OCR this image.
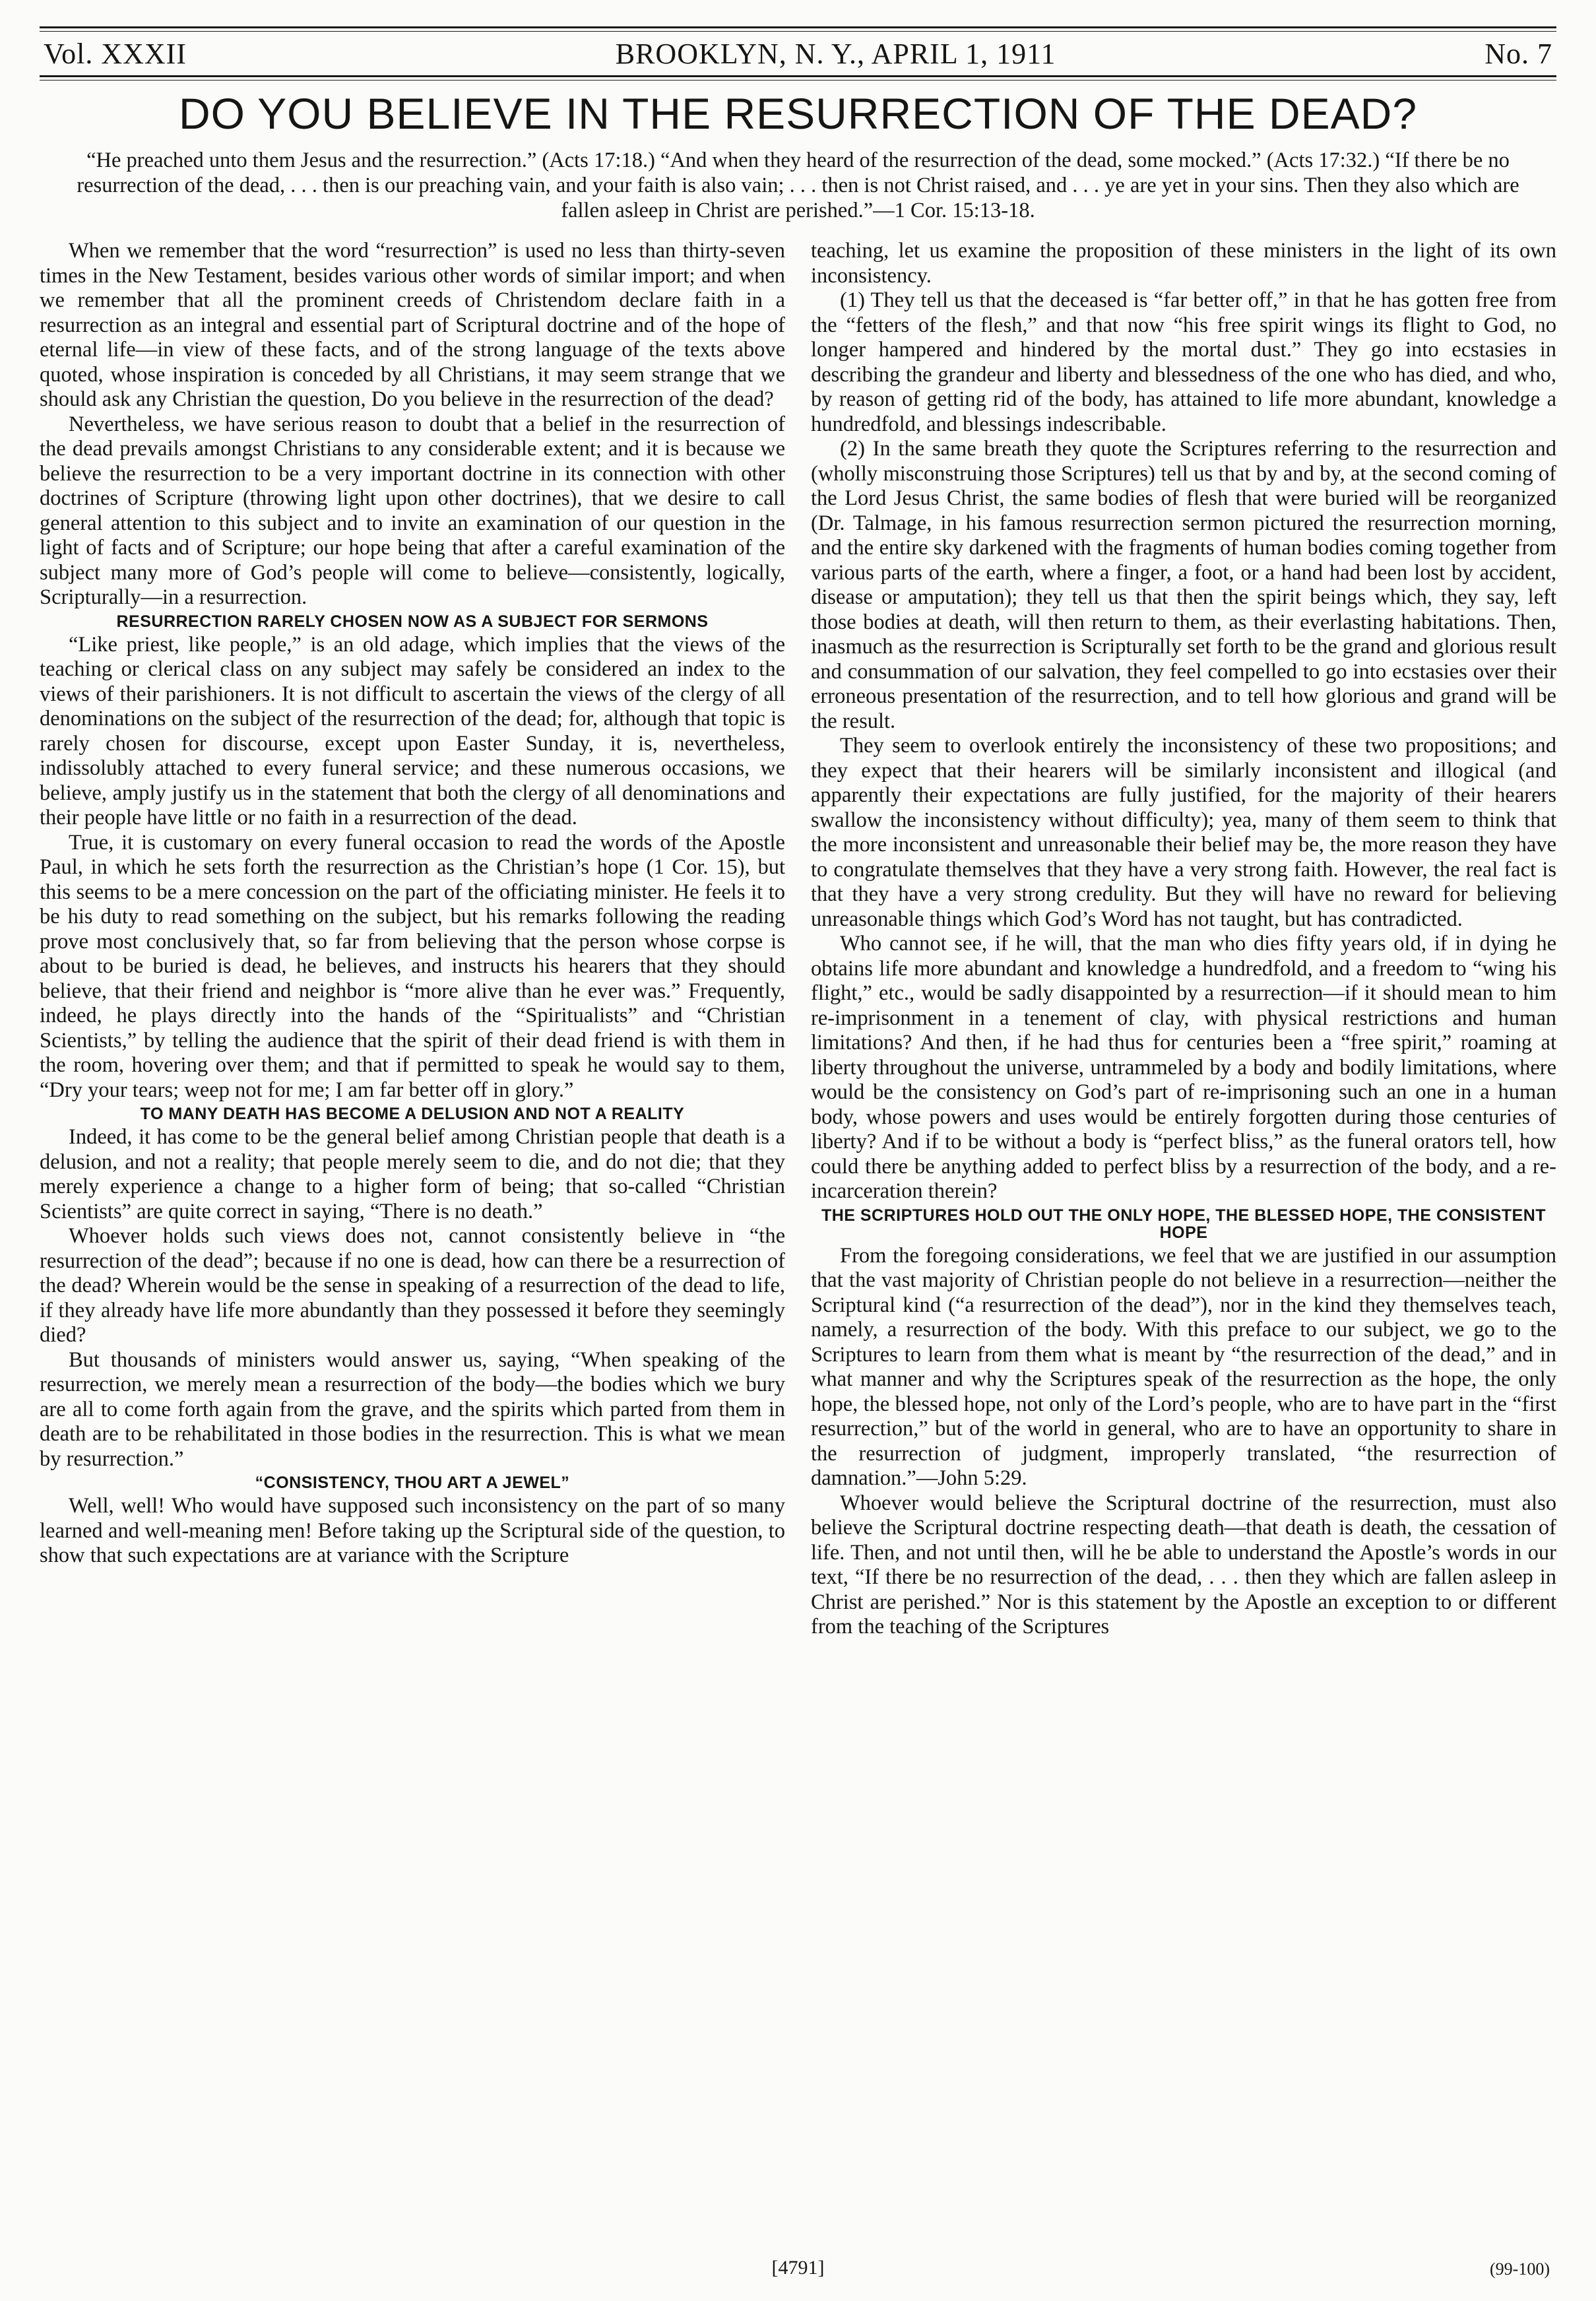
Vol. XXXII	BROOKLYN, N. Y., APRIL 1, 1911	No. 7
DO YOU BELIEVE IN THE RESURRECTION OF THE DEAD?
“He preached unto them Jesus and the resurrection.” (Acts 17:18.) “And when they heard of the resurrection of the dead, some mocked.” (Acts 17:32.) “If there be no resurrection of the dead, . . . then is our preaching vain, and your faith is also vain; . . . then is not Christ raised, and . . . ye are yet in your sins. Then they also which are fallen asleep in Christ are perished.”—1 Cor. 15:13-18.

When we remember that the word “resurrection” is used no less than thirty-seven times in the New Testament, besides various other words of similar import; and when we remember that all the prominent creeds of Christendom declare faith in a resurrection as an integral and essential part of Scriptural doctrine and of the hope of eternal life—in view of these facts, and of the strong language of the texts above quoted, whose inspiration is conceded by all Christians, it may seem strange that we should ask any Christian the question, Do you believe in the resurrection of the dead?

Nevertheless, we have serious reason to doubt that a belief in the resurrection of the dead prevails amongst Christians to any considerable extent; and it is because we believe the resurrection to be a very important doctrine in its connection with other doctrines of Scripture (throwing light upon other doctrines), that we desire to call general attention to this subject and to invite an examination of our question in the light of facts and of Scripture; our hope being that after a careful examination of the subject many more of God’s people will come to believe—consistently, logically, Scripturally—in a resurrection.

RESURRECTION RARELY CHOSEN NOW AS A SUBJECT FOR SERMONS

“Like priest, like people,” is an old adage, which implies that the views of the teaching or clerical class on any subject may safely be considered an index to the views of their parishioners. It is not difficult to ascertain the views of the clergy of all denominations on the subject of the resurrection of the dead; for, although that topic is rarely chosen for discourse, except upon Easter Sunday, it is, nevertheless, indissolubly attached to every funeral service; and these numerous occasions, we believe, amply justify us in the statement that both the clergy of all denominations and their people have little or no faith in a resurrection of the dead.

True, it is customary on every funeral occasion to read the words of the Apostle Paul, in which he sets forth the resurrection as the Christian’s hope (1 Cor. 15), but this seems to be a mere concession on the part of the officiating minister. He feels it to be his duty to read something on the subject, but his remarks following the reading prove most conclusively that, so far from believing that the person whose corpse is about to be buried is dead, he believes, and instructs his hearers that they should believe, that their friend and neighbor is “more alive than he ever was.” Frequently, indeed, he plays directly into the hands of the “Spiritualists” and “Christian Scientists,” by telling the audience that the spirit of their dead friend is with them in the room, hovering over them; and that if permitted to speak he would say to them, “Dry your tears; weep not for me; I am far better off in glory.”

TO MANY DEATH HAS BECOME A DELUSION AND NOT A REALITY

Indeed, it has come to be the general belief among Christian people that death is a delusion, and not a reality; that people merely seem to die, and do not die; that they merely experience a change to a higher form of being; that so-called “Christian Scientists” are quite correct in saying, “There is no death.”

Whoever holds such views does not, cannot consistently believe in “the resurrection of the dead”; because if no one is dead, how can there be a resurrection of the dead? Wherein would be the sense in speaking of a resurrection of the dead to life, if they already have life more abundantly than they possessed it before they seemingly died?

But thousands of ministers would answer us, saying, “When speaking of the resurrection, we merely mean a resurrection of the body—the bodies which we bury are all to come forth again from the grave, and the spirits which parted from them in death are to be rehabilitated in those bodies in the resurrection. This is what we mean by resurrection.”

“CONSISTENCY, THOU ART A JEWEL”

Well, well! Who would have supposed such inconsistency on the part of so many learned and well-meaning men! Before taking up the Scriptural side of the question, to show that such expectations are at variance with the Scripture

teaching, let us examine the proposition of these ministers in the light of its own inconsistency.

(1) They tell us that the deceased is “far better off,” in that he has gotten free from the “fetters of the flesh,” and that now “his free spirit wings its flight to God, no longer hampered and hindered by the mortal dust.” They go into ecstasies in describing the grandeur and liberty and blessedness of the one who has died, and who, by reason of getting rid of the body, has attained to life more abundant, knowledge a hundredfold, and blessings indescribable.

(2) In the same breath they quote the Scriptures referring to the resurrection and (wholly misconstruing those Scriptures) tell us that by and by, at the second coming of the Lord Jesus Christ, the same bodies of flesh that were buried will be reorganized (Dr. Talmage, in his famous resurrection sermon pictured the resurrection morning, and the entire sky darkened with the fragments of human bodies coming together from various parts of the earth, where a finger, a foot, or a hand had been lost by accident, disease or amputation); they tell us that then the spirit beings which, they say, left those bodies at death, will then return to them, as their everlasting habitations. Then, inasmuch as the resurrection is Scripturally set forth to be the grand and glorious result and consummation of our salvation, they feel compelled to go into ecstasies over their erroneous presentation of the resurrection, and to tell how glorious and grand will be the result.

They seem to overlook entirely the inconsistency of these two propositions; and they expect that their hearers will be similarly inconsistent and illogical (and apparently their expectations are fully justified, for the majority of their hearers swallow the inconsistency without difficulty); yea, many of them seem to think that the more inconsistent and unreasonable their belief may be, the more reason they have to congratulate themselves that they have a very strong faith. However, the real fact is that they have a very strong credulity. But they will have no reward for believing unreasonable things which God’s Word has not taught, but has contradicted.

Who cannot see, if he will, that the man who dies fifty years old, if in dying he obtains life more abundant and knowledge a hundredfold, and a freedom to “wing his flight,” etc., would be sadly disappointed by a resurrection—if it should mean to him re-imprisonment in a tenement of clay, with physical restrictions and human limitations? And then, if he had thus for centuries been a “free spirit,” roaming at liberty throughout the universe, untrammeled by a body and bodily limitations, where would be the consistency on God’s part of re-imprisoning such an one in a human body, whose powers and uses would be entirely forgotten during those centuries of liberty? And if to be without a body is “perfect bliss,” as the funeral orators tell, how could there be anything added to perfect bliss by a resurrection of the body, and a re-incarceration therein?

THE SCRIPTURES HOLD OUT THE ONLY HOPE, THE BLESSED HOPE, THE CONSISTENT HOPE

From the foregoing considerations, we feel that we are justified in our assumption that the vast majority of Christian people do not believe in a resurrection—neither the Scriptural kind (“a resurrection of the dead”), nor in the kind they themselves teach, namely, a resurrection of the body. With this preface to our subject, we go to the Scriptures to learn from them what is meant by “the resurrection of the dead,” and in what manner and why the Scriptures speak of the resurrection as the hope, the only hope, the blessed hope, not only of the Lord’s people, who are to have part in the “first resurrection,” but of the world in general, who are to have an opportunity to share in the resurrection of judgment, improperly translated, “the resurrection of damnation.”—John 5:29.

Whoever would believe the Scriptural doctrine of the resurrection, must also believe the Scriptural doctrine respecting death—that death is death, the cessation of life. Then, and not until then, will he be able to understand the Apostle’s words in our text, “If there be no resurrection of the dead, . . . then they which are fallen asleep in Christ are perished.” Nor is this statement by the Apostle an exception to or different from the teaching of the Scriptures

[4791]	(99-100)
